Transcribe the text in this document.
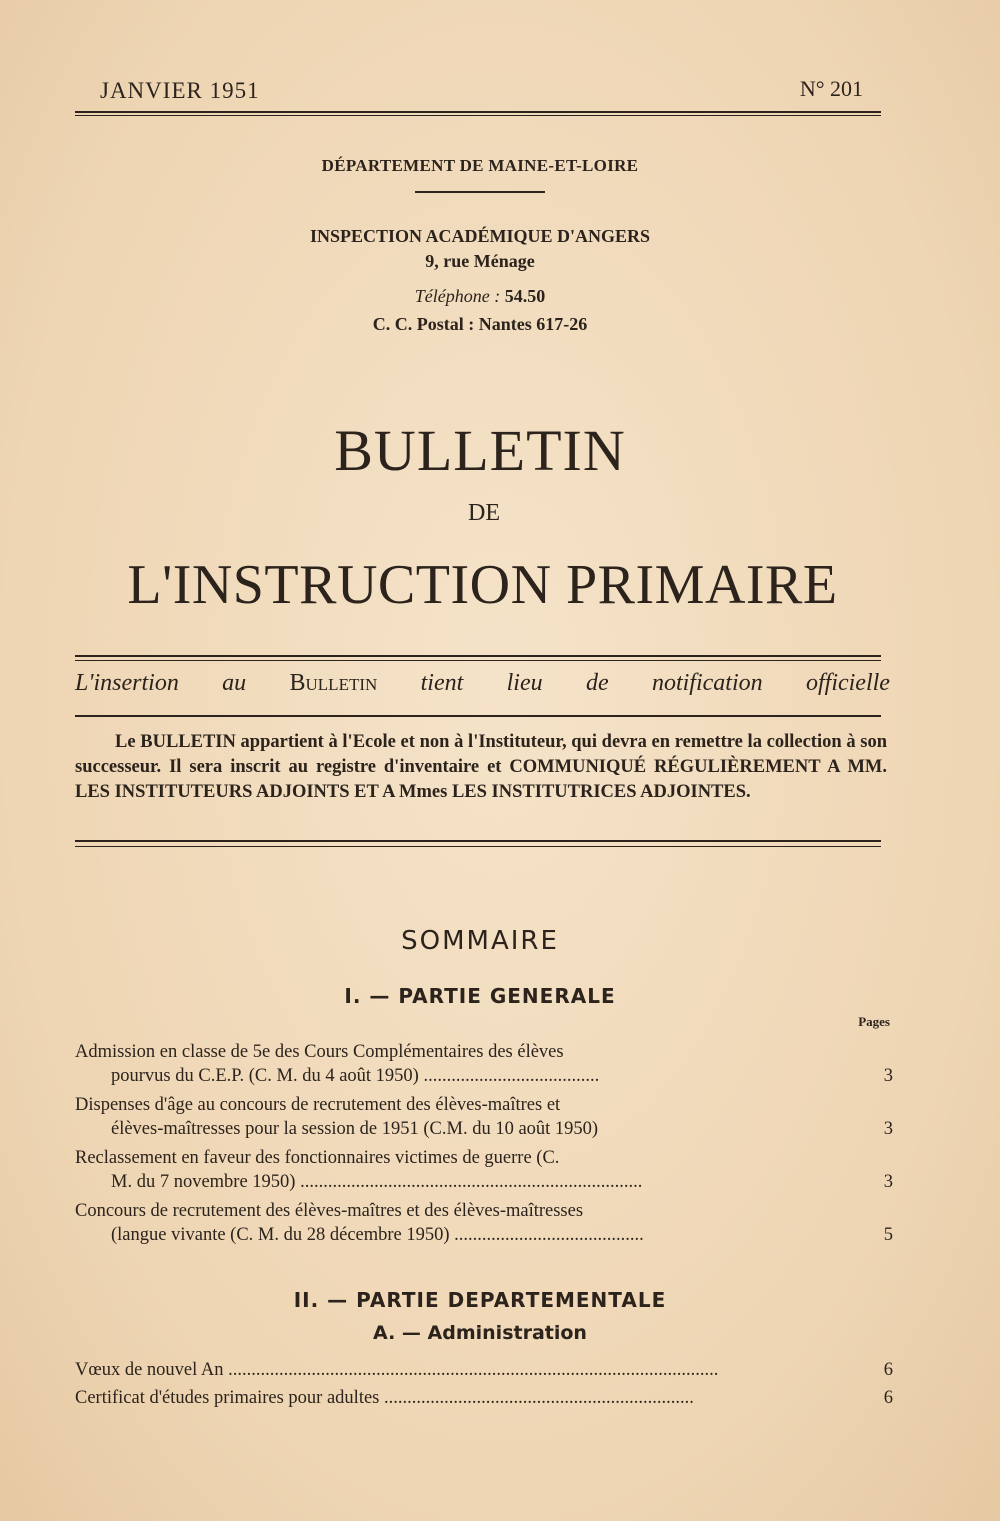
JANVIER 1951	N° 201
DÉPARTEMENT DE MAINE-ET-LOIRE
INSPECTION ACADÉMIQUE D'ANGERS
9, rue Ménage
Téléphone : 54.50
C. C. Postal : Nantes 617-26
BULLETIN
DE
L'INSTRUCTION PRIMAIRE
L'insertion au Bulletin tient lieu de notification officielle
Le BULLETIN appartient à l'Ecole et non à l'Instituteur, qui devra en remettre la collection à son successeur. Il sera inscrit au registre d'inventaire et COMMUNIQUÉ RÉGULIÈREMENT A MM. LES INSTITUTEURS ADJOINTS ET A Mmes LES INSTITUTRICES ADJOINTES.
SOMMAIRE
I. — PARTIE GENERALE
Pages
Admission en classe de 5e des Cours Complémentaires des élèves
pourvus du C.E.P. (C. M. du 4 août 1950) ......................................	3
Dispenses d'âge au concours de recrutement des élèves-maîtres et
élèves-maîtresses pour la session de 1951 (C.M. du 10 août 1950)	3
Reclassement en faveur des fonctionnaires victimes de guerre (C.
M. du 7 novembre 1950) ..........................................................................	3
Concours de recrutement des élèves-maîtres et des élèves-maîtresses
(langue vivante (C. M. du 28 décembre 1950) .........................................	5
II. — PARTIE DEPARTEMENTALE
A. — Administration
Vœux de nouvel An ..........................................................................................................	6
Certificat d'études primaires pour adultes ...................................................................	6
